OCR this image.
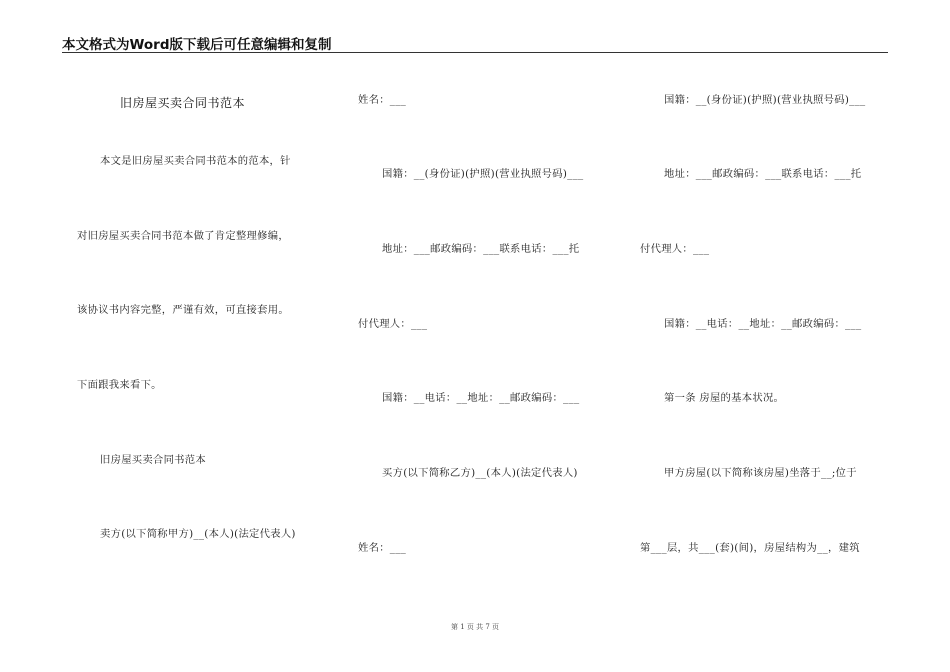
本文格式为Word版下载后可任意编辑和复制
旧房屋买卖合同书范本
本文是旧房屋买卖合同书范本的范本，针
对旧房屋买卖合同书范本做了肯定整理修编，
该协议书内容完整，严谨有效，可直接套用。
下面跟我来看下。
旧房屋买卖合同书范本
卖方(以下简称甲方)__(本人)(法定代表人)
姓名：___
国籍：__(身份证)(护照)(营业执照号码)___
地址：___邮政编码：___联系电话：___托
付代理人：___
国籍：__电话：__地址：__邮政编码：___
买方(以下简称乙方)__(本人)(法定代表人)
姓名：___
国籍：__(身份证)(护照)(营业执照号码)___
地址：___邮政编码：___联系电话：___托
付代理人：___
国籍：__电话：__地址：__邮政编码：___
第一条 房屋的基本状况。
甲方房屋(以下简称该房屋)坐落于__;位于
第___层，共___(套)(间)，房屋结构为__，建筑
第 1 页 共 7 页
